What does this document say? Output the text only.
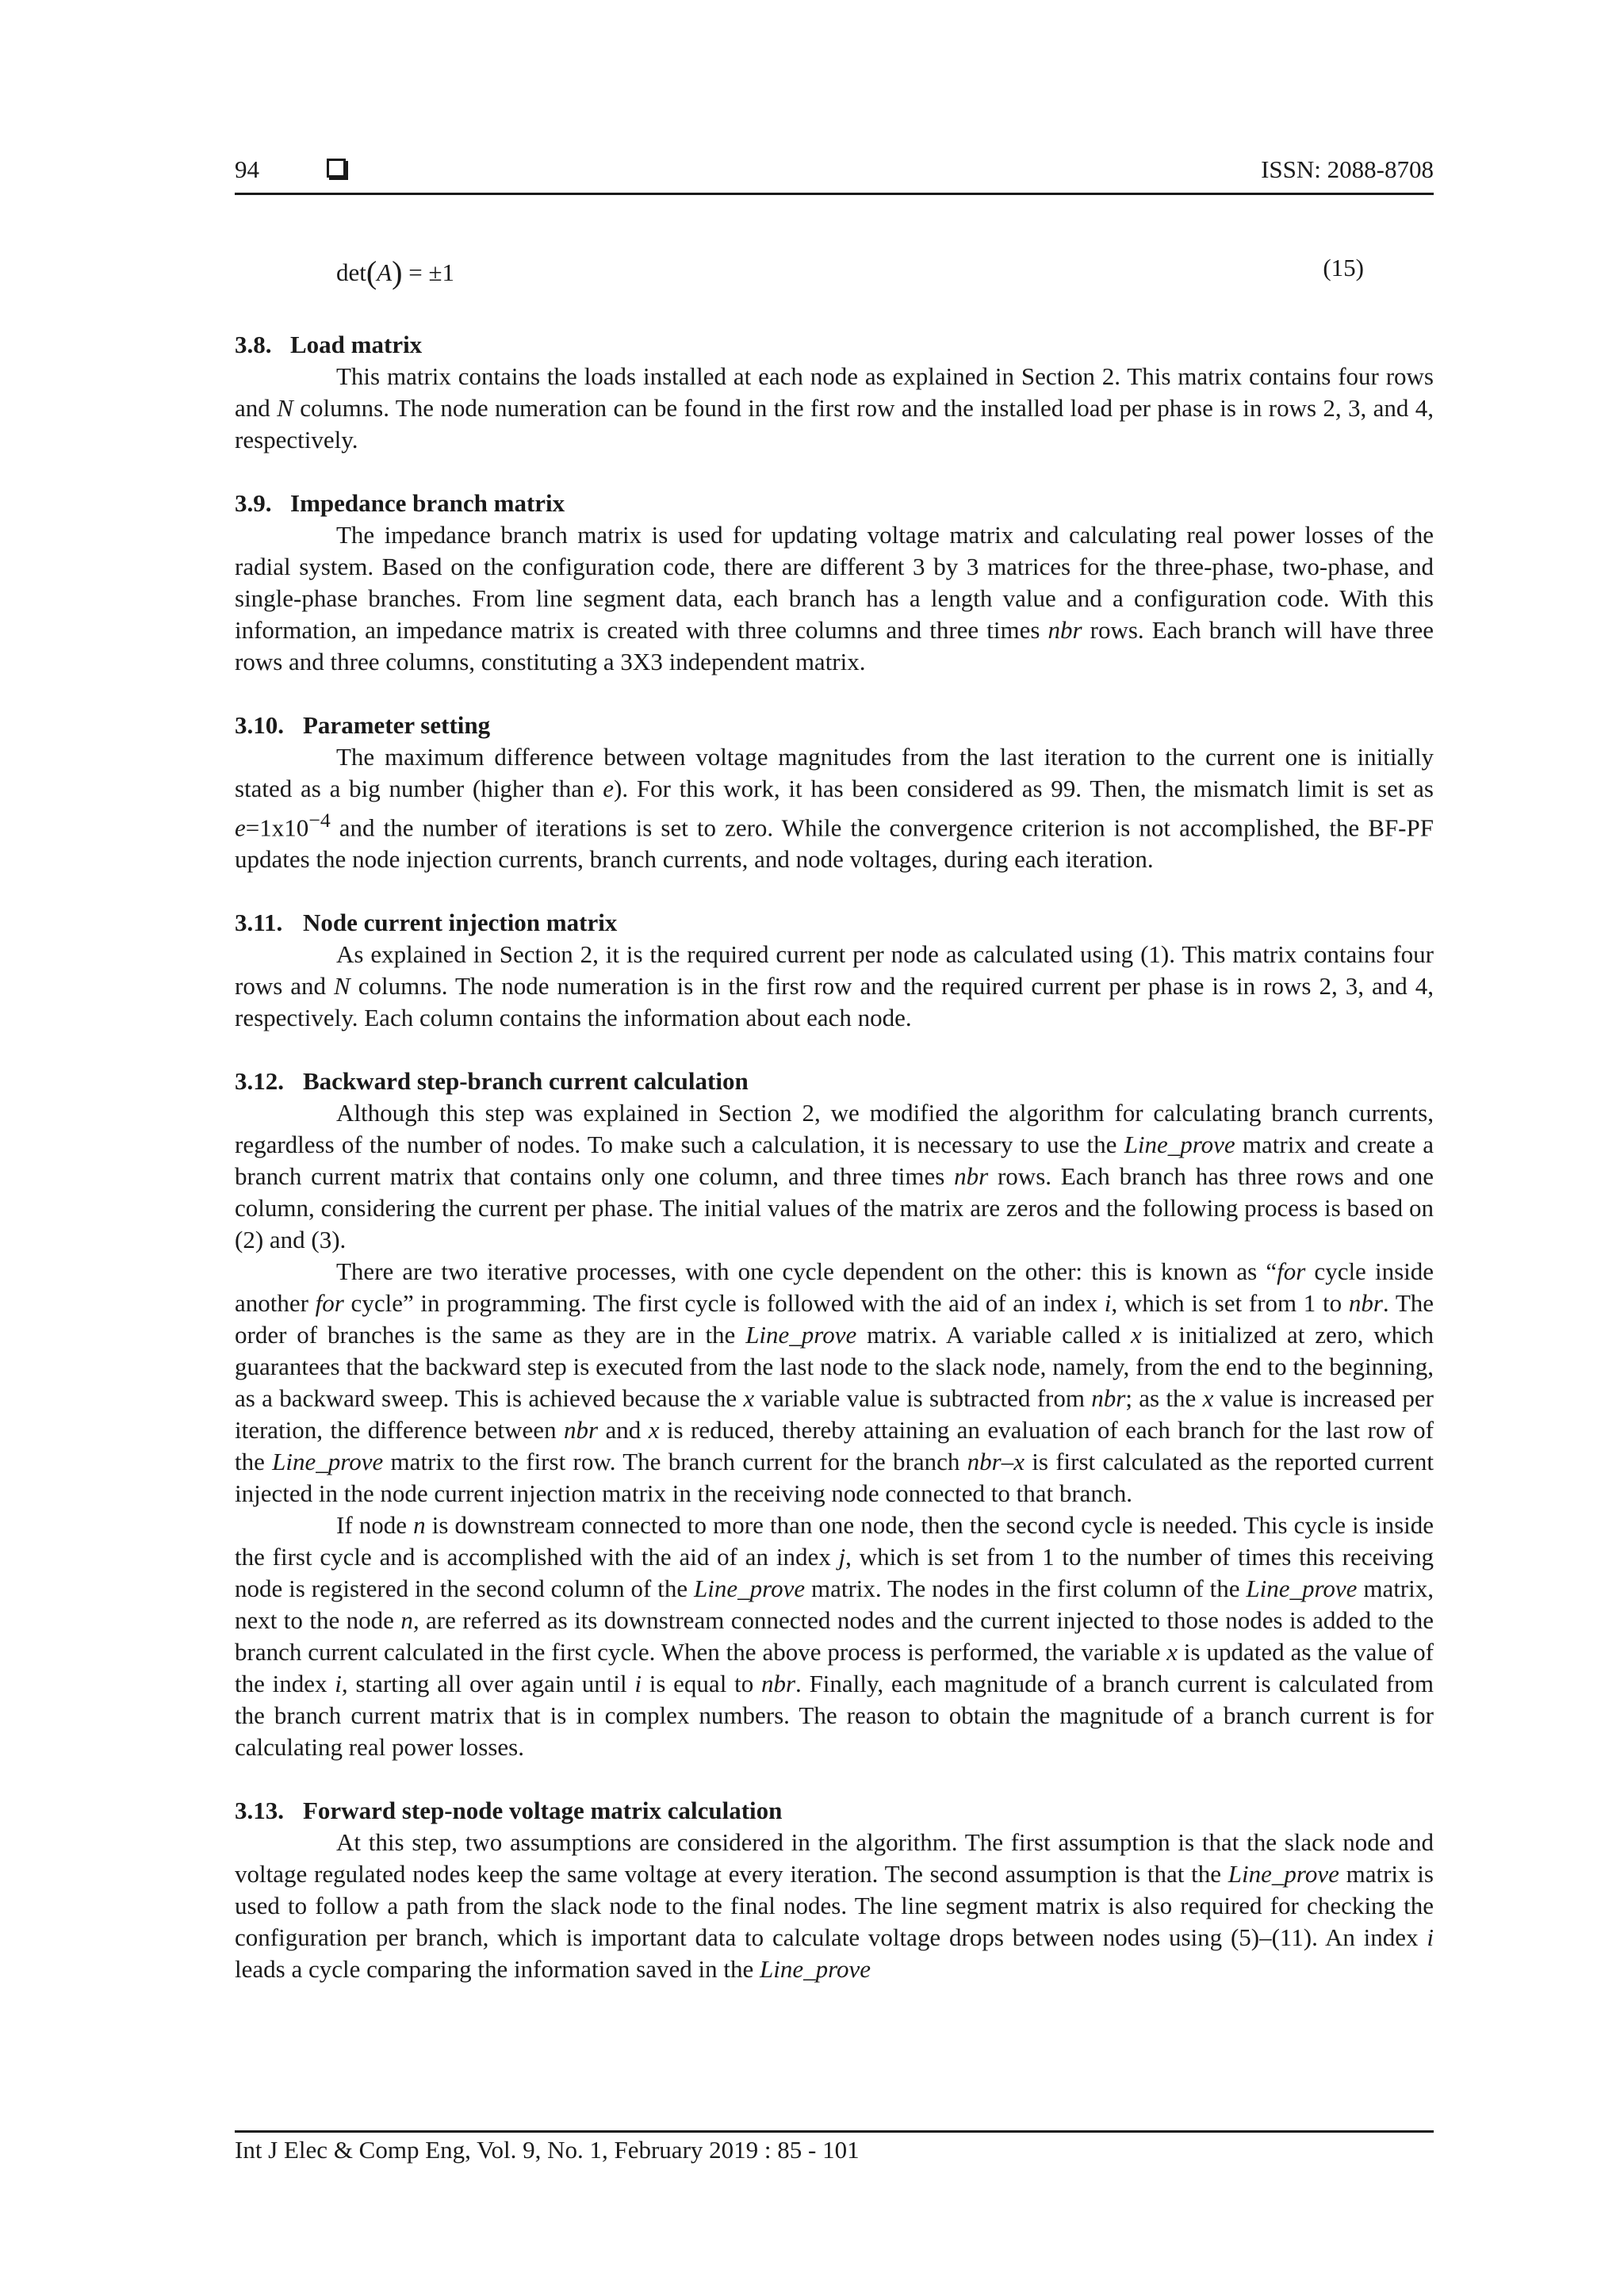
94	ISSN: 2088-8708
det(A) = ±1	(15)
3.8. Load matrix
This matrix contains the loads installed at each node as explained in Section 2. This matrix contains four rows and N columns. The node numeration can be found in the first row and the installed load per phase is in rows 2, 3, and 4, respectively.
3.9. Impedance branch matrix
The impedance branch matrix is used for updating voltage matrix and calculating real power losses of the radial system. Based on the configuration code, there are different 3 by 3 matrices for the three-phase, two-phase, and single-phase branches. From line segment data, each branch has a length value and a configuration code. With this information, an impedance matrix is created with three columns and three times nbr rows. Each branch will have three rows and three columns, constituting a 3X3 independent matrix.
3.10. Parameter setting
The maximum difference between voltage magnitudes from the last iteration to the current one is initially stated as a big number (higher than e). For this work, it has been considered as 99. Then, the mismatch limit is set as $e=1x10^{-4}$ and the number of iterations is set to zero. While the convergence criterion is not accomplished, the BF-PF updates the node injection currents, branch currents, and node voltages, during each iteration.
3.11. Node current injection matrix
As explained in Section 2, it is the required current per node as calculated using (1). This matrix contains four rows and N columns. The node numeration is in the first row and the required current per phase is in rows 2, 3, and 4, respectively. Each column contains the information about each node.
3.12. Backward step-branch current calculation
Although this step was explained in Section 2, we modified the algorithm for calculating branch currents, regardless of the number of nodes. To make such a calculation, it is necessary to use the Line_prove matrix and create a branch current matrix that contains only one column, and three times nbr rows. Each branch has three rows and one column, considering the current per phase. The initial values of the matrix are zeros and the following process is based on (2) and (3).
There are two iterative processes, with one cycle dependent on the other: this is known as “for cycle inside another for cycle” in programming. The first cycle is followed with the aid of an index i, which is set from 1 to nbr. The order of branches is the same as they are in the Line_prove matrix. A variable called x is initialized at zero, which guarantees that the backward step is executed from the last node to the slack node, namely, from the end to the beginning, as a backward sweep. This is achieved because the x variable value is subtracted from nbr; as the x value is increased per iteration, the difference between nbr and x is reduced, thereby attaining an evaluation of each branch for the last row of the Line_prove matrix to the first row. The branch current for the branch nbr–x is first calculated as the reported current injected in the node current injection matrix in the receiving node connected to that branch.
If node n is downstream connected to more than one node, then the second cycle is needed. This cycle is inside the first cycle and is accomplished with the aid of an index j, which is set from 1 to the number of times this receiving node is registered in the second column of the Line_prove matrix. The nodes in the first column of the Line_prove matrix, next to the node n, are referred as its downstream connected nodes and the current injected to those nodes is added to the branch current calculated in the first cycle. When the above process is performed, the variable x is updated as the value of the index i, starting all over again until i is equal to nbr. Finally, each magnitude of a branch current is calculated from the branch current matrix that is in complex numbers. The reason to obtain the magnitude of a branch current is for calculating real power losses.
3.13. Forward step-node voltage matrix calculation
At this step, two assumptions are considered in the algorithm. The first assumption is that the slack node and voltage regulated nodes keep the same voltage at every iteration. The second assumption is that the Line_prove matrix is used to follow a path from the slack node to the final nodes. The line segment matrix is also required for checking the configuration per branch, which is important data to calculate voltage drops between nodes using (5)–(11). An index i leads a cycle comparing the information saved in the Line_prove
Int J Elec & Comp Eng, Vol. 9, No. 1, February 2019 : 85 - 101
